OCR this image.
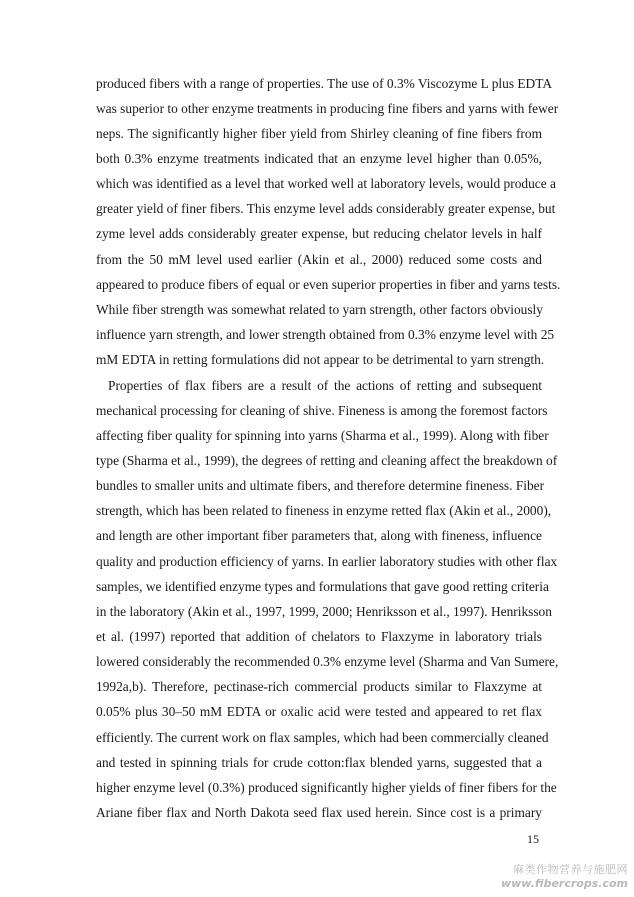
produced fibers with a range of properties. The use of 0.3% Viscozyme L plus EDTA
was superior to other enzyme treatments in producing fine fibers and yarns with fewer
neps. The significantly higher fiber yield from Shirley cleaning of fine fibers from
both 0.3% enzyme treatments indicated that an enzyme level higher than 0.05%,
which was identified as a level that worked well at laboratory levels, would produce a
greater yield of finer fibers. This enzyme level adds considerably greater expense, but
zyme level adds considerably greater expense, but reducing chelator levels in half
from the 50 mM level used earlier (Akin et al., 2000) reduced some costs and
appeared to produce fibers of equal or even superior properties in fiber and yarns tests.
While fiber strength was somewhat related to yarn strength, other factors obviously
influence yarn strength, and lower strength obtained from 0.3% enzyme level with 25
mM EDTA in retting formulations did not appear to be detrimental to yarn strength.
Properties of flax fibers are a result of the actions of retting and subsequent
mechanical processing for cleaning of shive. Fineness is among the foremost factors
affecting fiber quality for spinning into yarns (Sharma et al., 1999). Along with fiber
type (Sharma et al., 1999), the degrees of retting and cleaning affect the breakdown of
bundles to smaller units and ultimate fibers, and therefore determine fineness. Fiber
strength, which has been related to fineness in enzyme retted flax (Akin et al., 2000),
and length are other important fiber parameters that, along with fineness, influence
quality and production efficiency of yarns. In earlier laboratory studies with other flax
samples, we identified enzyme types and formulations that gave good retting criteria
in the laboratory (Akin et al., 1997, 1999, 2000; Henriksson et al., 1997). Henriksson
et al. (1997) reported that addition of chelators to Flaxzyme in laboratory trials
lowered considerably the recommended 0.3% enzyme level (Sharma and Van Sumere,
1992a,b). Therefore, pectinase-rich commercial products similar to Flaxzyme at
0.05% plus 30–50 mM EDTA or oxalic acid were tested and appeared to ret flax
efficiently. The current work on flax samples, which had been commercially cleaned
and tested in spinning trials for crude cotton:flax blended yarns, suggested that a
higher enzyme level (0.3%) produced significantly higher yields of finer fibers for the
Ariane fiber flax and North Dakota seed flax used herein. Since cost is a primary
15
麻类作物营养与施肥网
www.fibercrops.com
